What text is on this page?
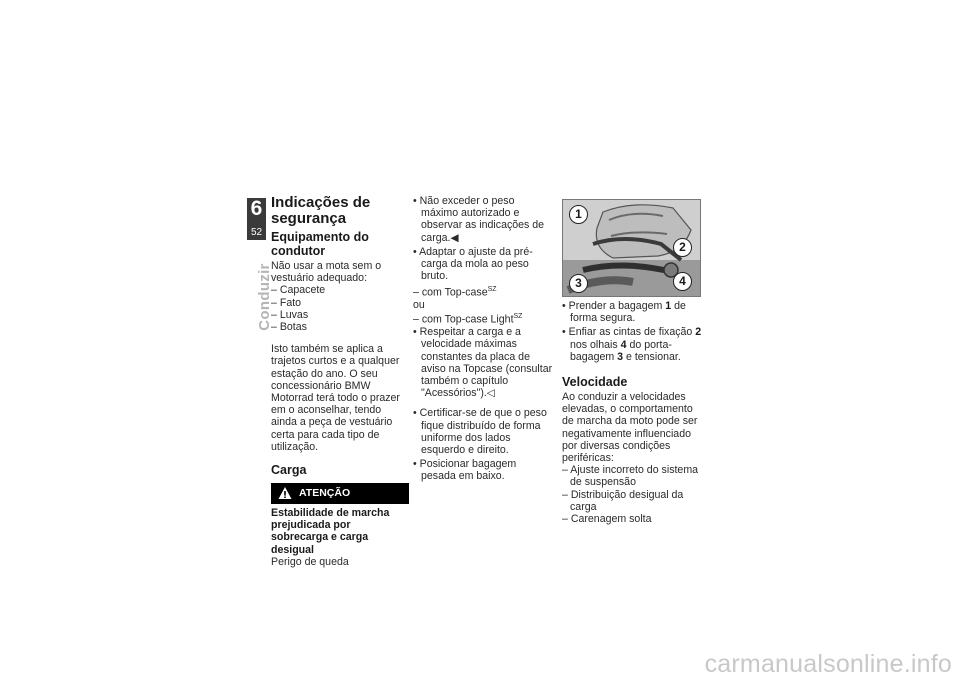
6
52
Conduzir
Indicações de segurança
Equipamento do condutor

Não usar a mota sem o vestuário adequado:

– Capacete

– Fato

– Luvas

– Botas

Isto também se aplica a trajetos curtos e a qualquer estação do ano. O seu concessionário BMW Motorrad terá todo o prazer em o aconselhar, tendo ainda a peça de vestuário certa para cada tipo de utilização.

Carga
ATENÇÃO

Estabilidade de marcha prejudicada por sobrecarga e carga desigual

Perigo de queda

• Não exceder o peso máximo autorizado e observar as indicações de carga.◀

• Adaptar o ajuste da pré-carga da mola ao peso bruto.

– com Top-case$^{SZ}$

ou

– com Top-case Light$^{SZ}$

• Respeitar a carga e a velocidade máximas constantes da placa de aviso na Topcase (consultar também o capítulo "Acessórios").◁

• Certificar-se de que o peso fique distribuído de forma uniforme dos lados esquerdo e direito.

• Posicionar bagagem pesada em baixo.

1
2
3	4

• Prender a bagagem 1 de forma segura.

• Enfiar as cintas de fixação 2 nos olhais 4 do porta-bagagem 3 e tensionar.

Velocidade

Ao conduzir a velocidades elevadas, o comportamento de marcha da moto pode ser negativamente influenciado por diversas condições periféricas:

– Ajuste incorreto do sistema de suspensão

– Distribuição desigual da carga

– Carenagem solta

carmanualsonline.info
